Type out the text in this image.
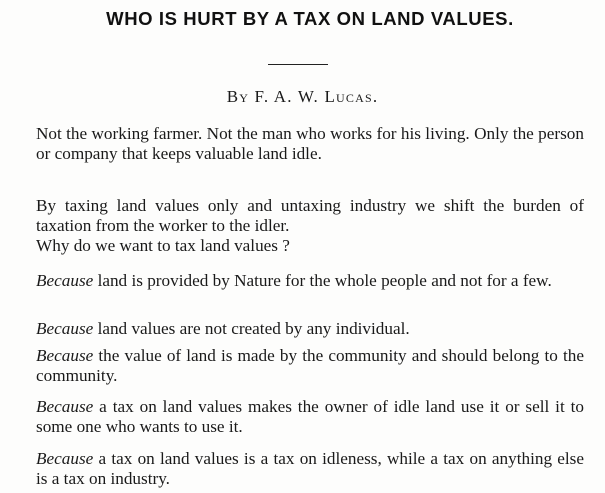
WHO IS HURT BY A TAX ON LAND VALUES.
By F. A. W. Lucas.

Not the working farmer. Not the man who works for his living. Only the person or company that keeps valuable land idle.

By taxing land values only and untaxing industry we shift the burden of taxation from the worker to the idler.

Why do we want to tax land values ?

Because land is provided by Nature for the whole people and not for a few.

Because land values are not created by any individual.

Because the value of land is made by the community and should belong to the community.

Because a tax on land values makes the owner of idle land use it or sell it to some one who wants to use it.

Because a tax on land values is a tax on idleness, while a tax on anything else is a tax on industry.
